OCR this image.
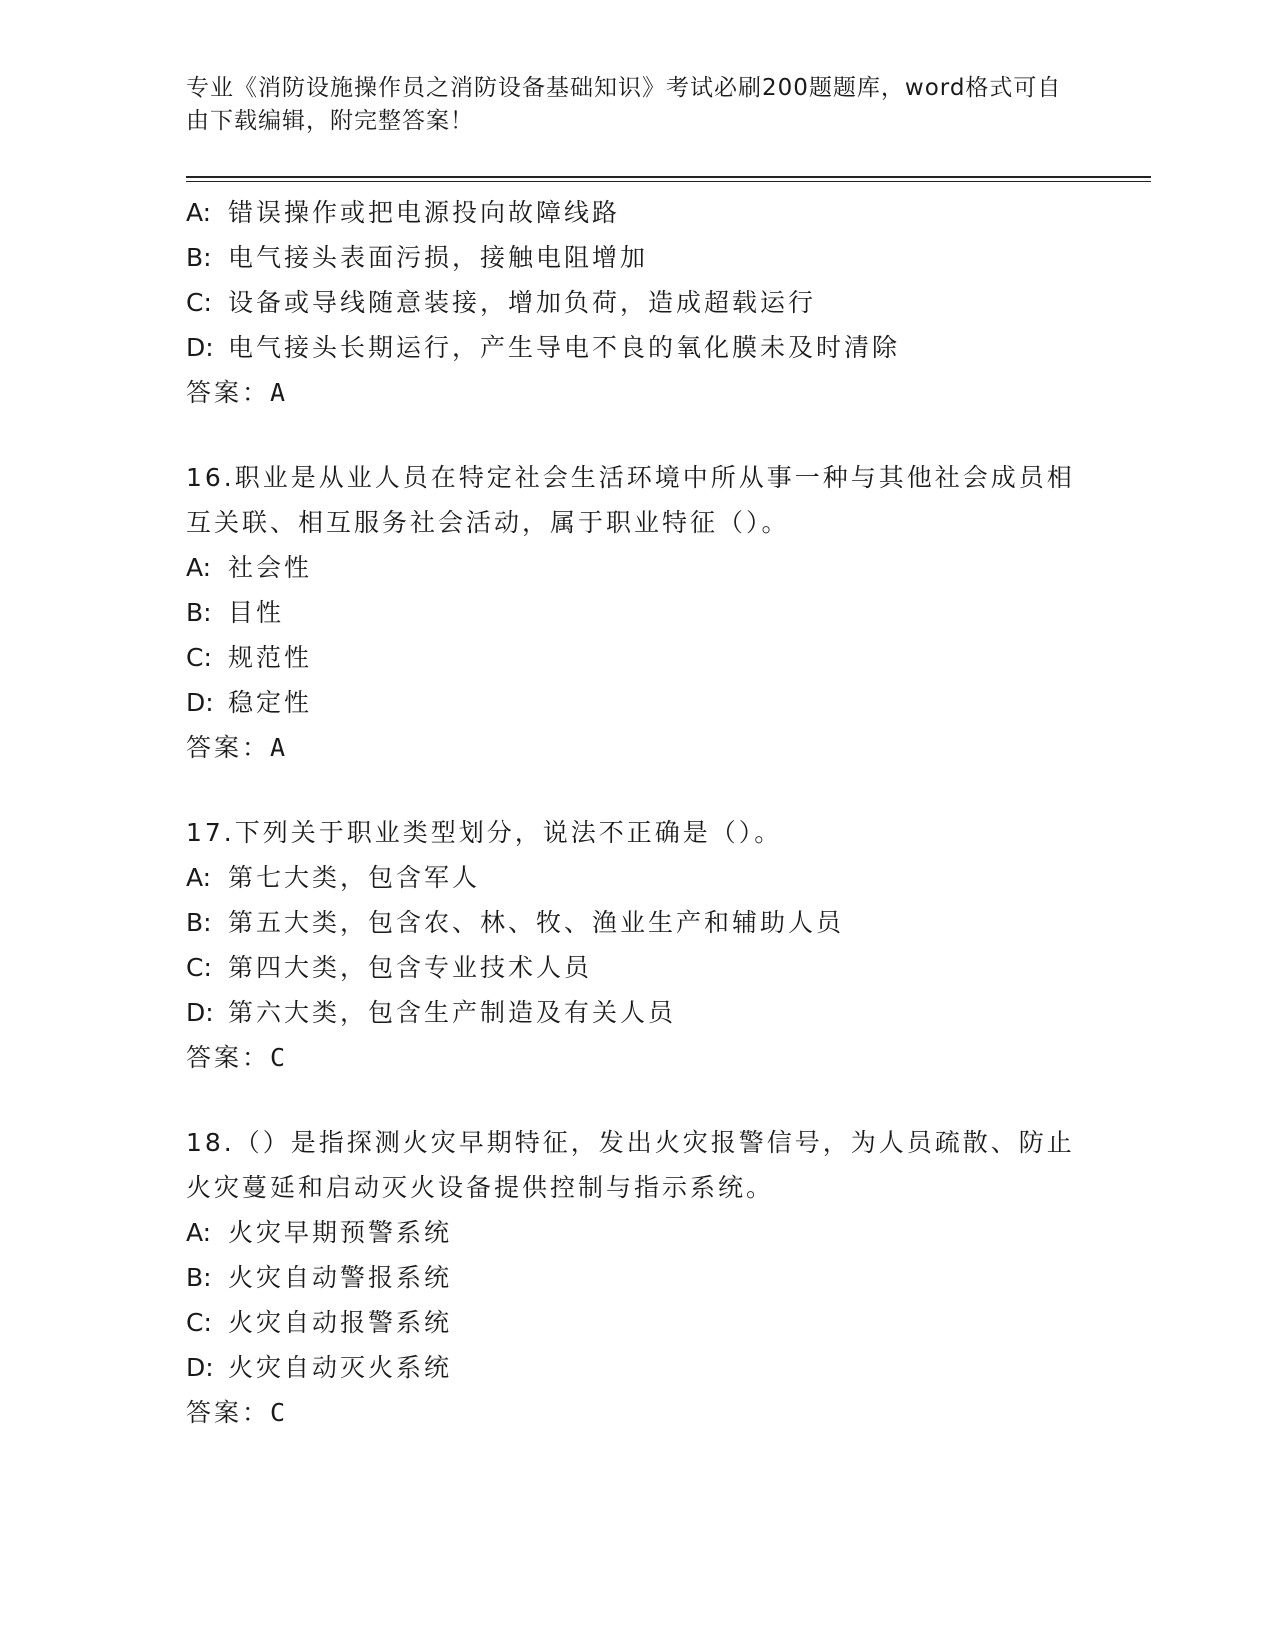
专业《消防设施操作员之消防设备基础知识》考试必刷200题题库，word格式可自由下载编辑，附完整答案！
A: 错误操作或把电源投向故障线路
B: 电气接头表面污损，接触电阻增加
C: 设备或导线随意装接，增加负荷，造成超载运行
D: 电气接头长期运行，产生导电不良的氧化膜未及时清除
答案：A

16.职业是从业人员在特定社会生活环境中所从事一种与其他社会成员相互关联、相互服务社会活动，属于职业特征（）。

A: 社会性
B: 目性
C: 规范性
D: 稳定性
答案：A

17.下列关于职业类型划分，说法不正确是（）。

A: 第七大类，包含军人
B: 第五大类，包含农、林、牧、渔业生产和辅助人员
C: 第四大类，包含专业技术人员
D: 第六大类，包含生产制造及有关人员
答案：C

18.（）是指探测火灾早期特征，发出火灾报警信号，为人员疏散、防止火灾蔓延和启动灭火设备提供控制与指示系统。

A: 火灾早期预警系统
B: 火灾自动警报系统
C: 火灾自动报警系统
D: 火灾自动灭火系统
答案：C
